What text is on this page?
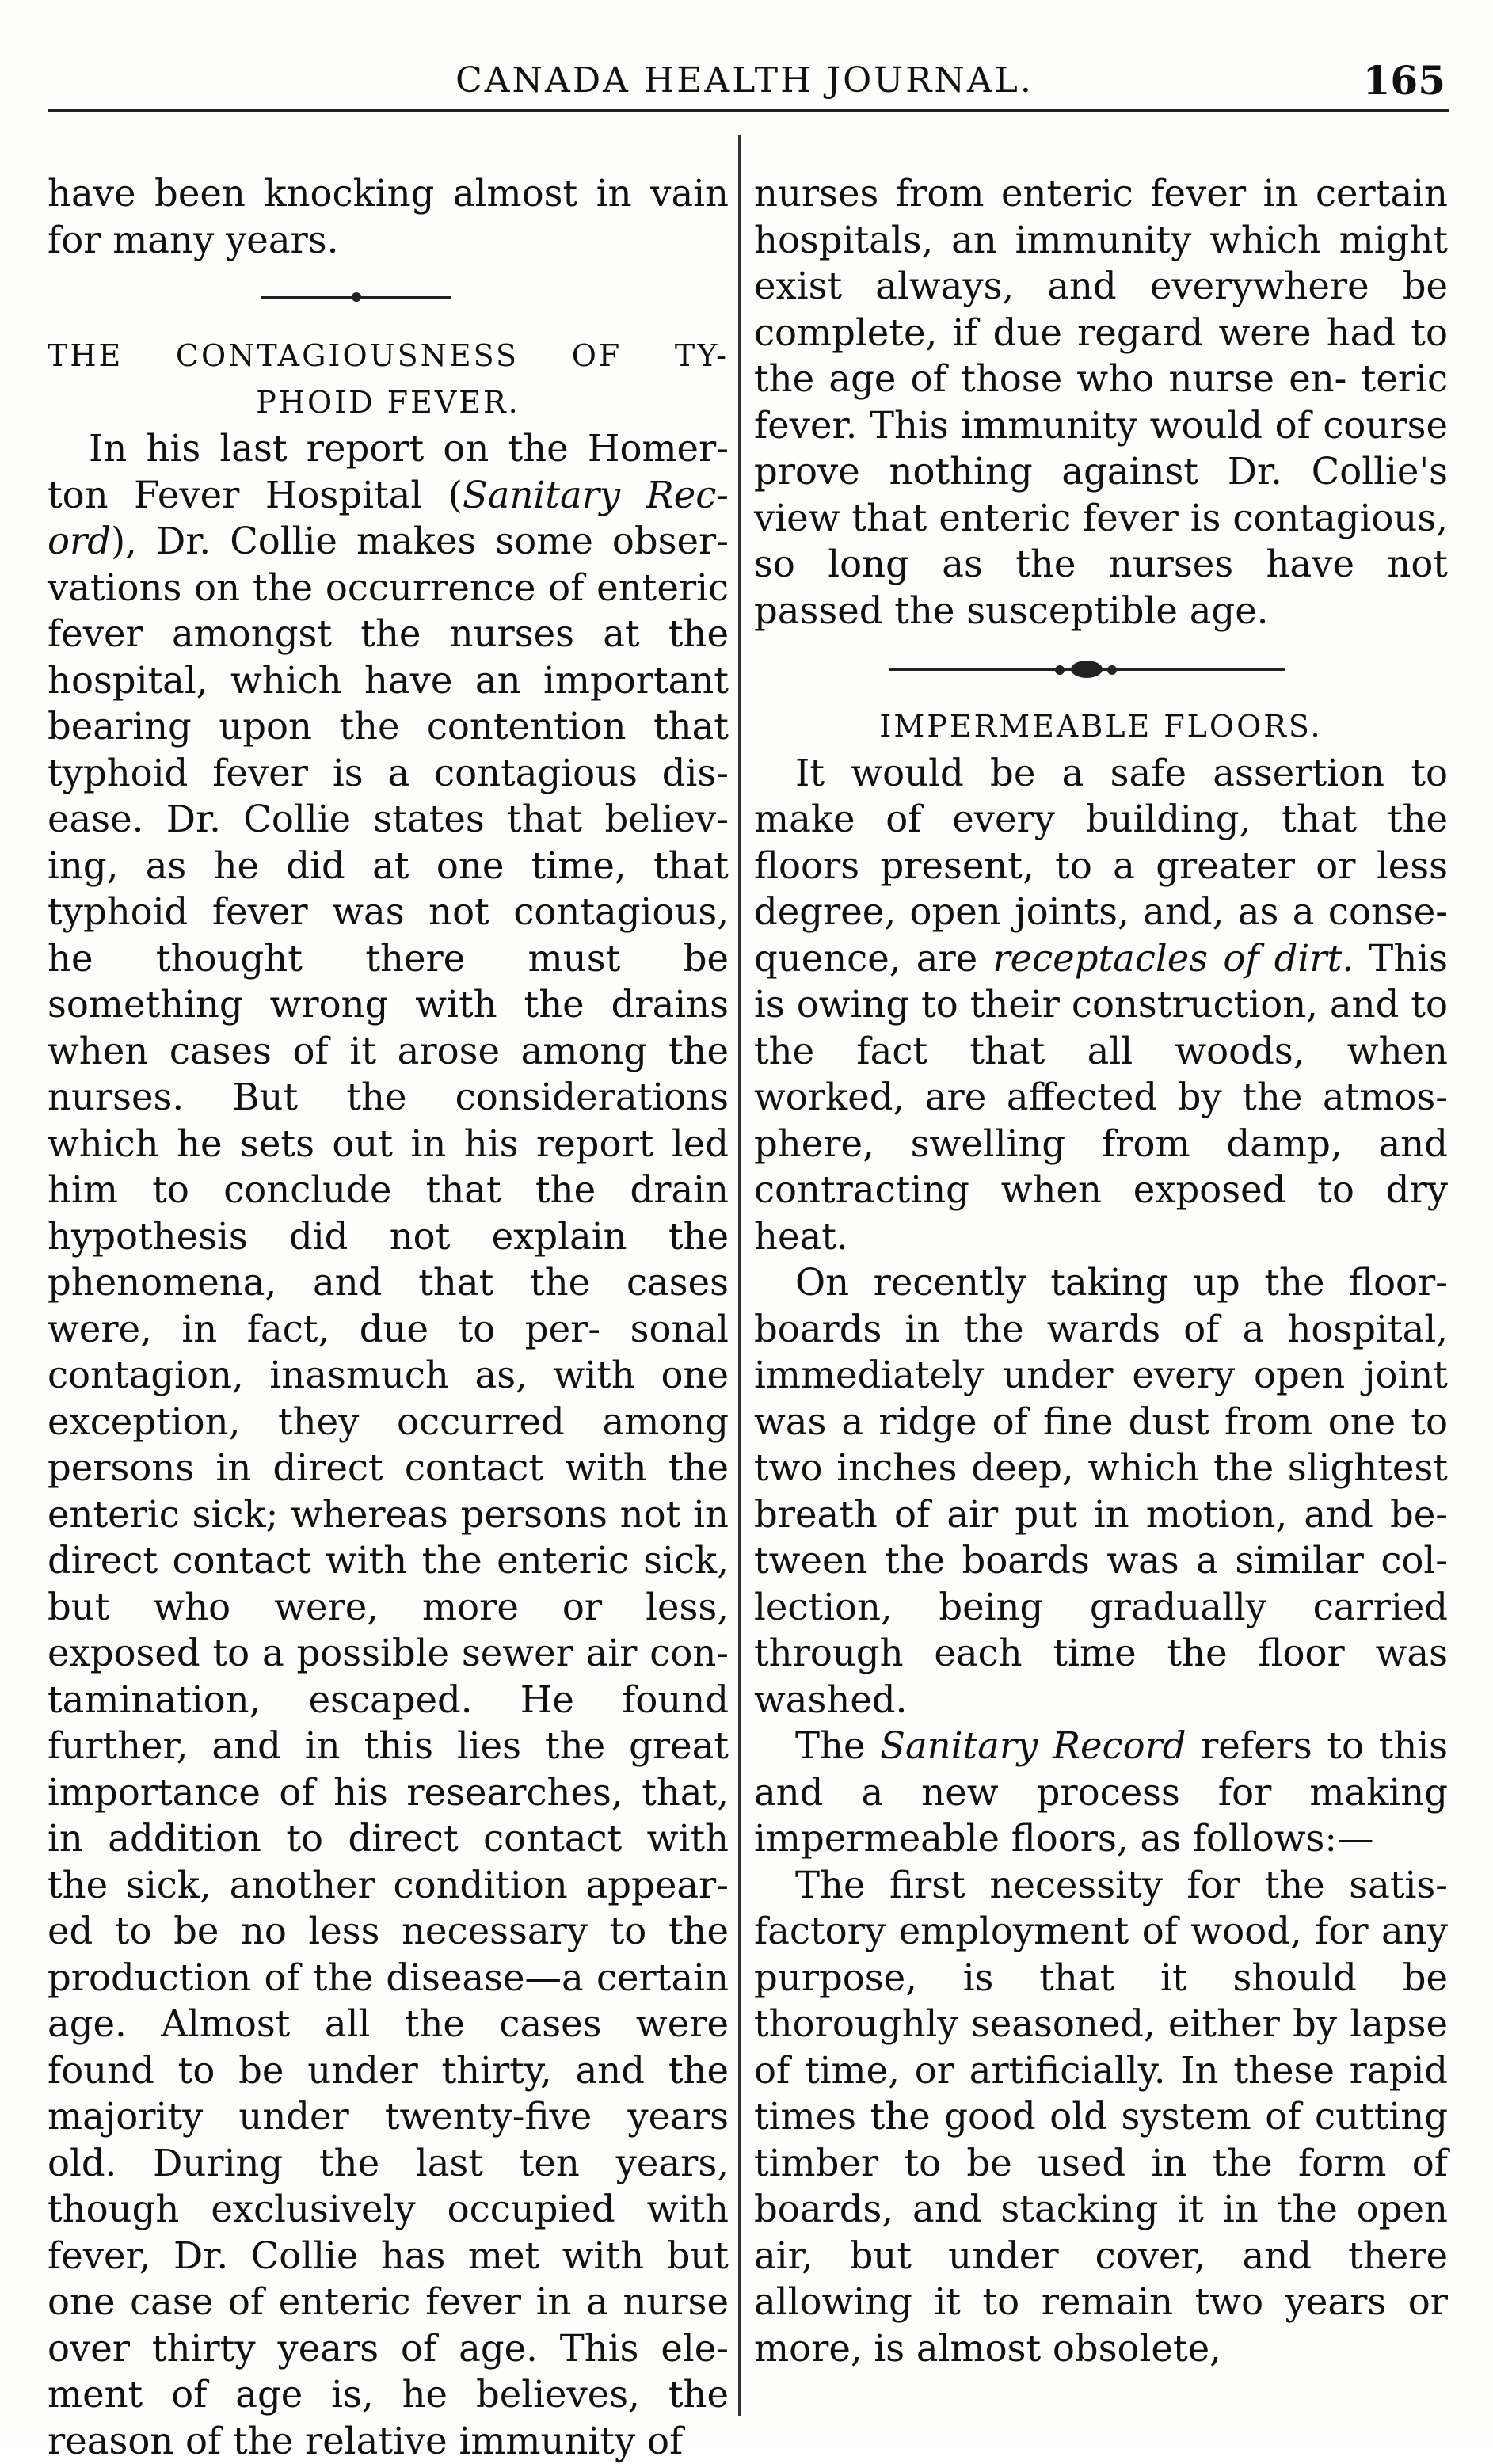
CANADA HEALTH JOURNAL.	165

have been knocking almost in vain for many years.

THE CONTAGIOUSNESS OF TY- PHOID FEVER.

In his last report on the Homer- ton Fever Hospital (Sanitary Rec- ord), Dr. Collie makes some obser- vations on the occurrence of enteric fever amongst the nurses at the hospital, which have an important bearing upon the contention that typhoid fever is a contagious dis- ease. Dr. Collie states that believ- ing, as he did at one time, that typhoid fever was not contagious, he thought there must be something wrong with the drains when cases of it arose among the nurses. But the considerations which he sets out in his report led him to conclude that the drain hypothesis did not explain the phenomena, and that the cases were, in fact, due to per- sonal contagion, inasmuch as, with one exception, they occurred among persons in direct contact with the enteric sick; whereas persons not in direct contact with the enteric sick, but who were, more or less, exposed to a possible sewer air con- tamination, escaped. He found further, and in this lies the great importance of his researches, that, in addition to direct contact with the sick, another condition appear- ed to be no less necessary to the production of the disease—a certain age. Almost all the cases were found to be under thirty, and the majority under twenty-five years old. During the last ten years, though exclusively occupied with fever, Dr. Collie has met with but one case of enteric fever in a nurse over thirty years of age. This ele- ment of age is, he believes, the reason of the relative immunity of

nurses from enteric fever in certain hospitals, an immunity which might exist always, and everywhere be complete, if due regard were had to the age of those who nurse en- teric fever. This immunity would of course prove nothing against Dr. Collie's view that enteric fever is contagious, so long as the nurses have not passed the susceptible age.

IMPERMEABLE FLOORS.

It would be a safe assertion to make of every building, that the floors present, to a greater or less degree, open joints, and, as a conse- quence, are receptacles of dirt. This is owing to their construction, and to the fact that all woods, when worked, are affected by the atmos- phere, swelling from damp, and contracting when exposed to dry heat.

On recently taking up the floor- boards in the wards of a hospital, immediately under every open joint was a ridge of fine dust from one to two inches deep, which the slightest breath of air put in motion, and be- tween the boards was a similar col- lection, being gradually carried through each time the floor was washed.

The Sanitary Record refers to this and a new process for making impermeable floors, as follows:—

The first necessity for the satis- factory employment of wood, for any purpose, is that it should be thoroughly seasoned, either by lapse of time, or artificially. In these rapid times the good old system of cutting timber to be used in the form of boards, and stacking it in the open air, but under cover, and there allowing it to remain two years or more, is almost obsolete,
